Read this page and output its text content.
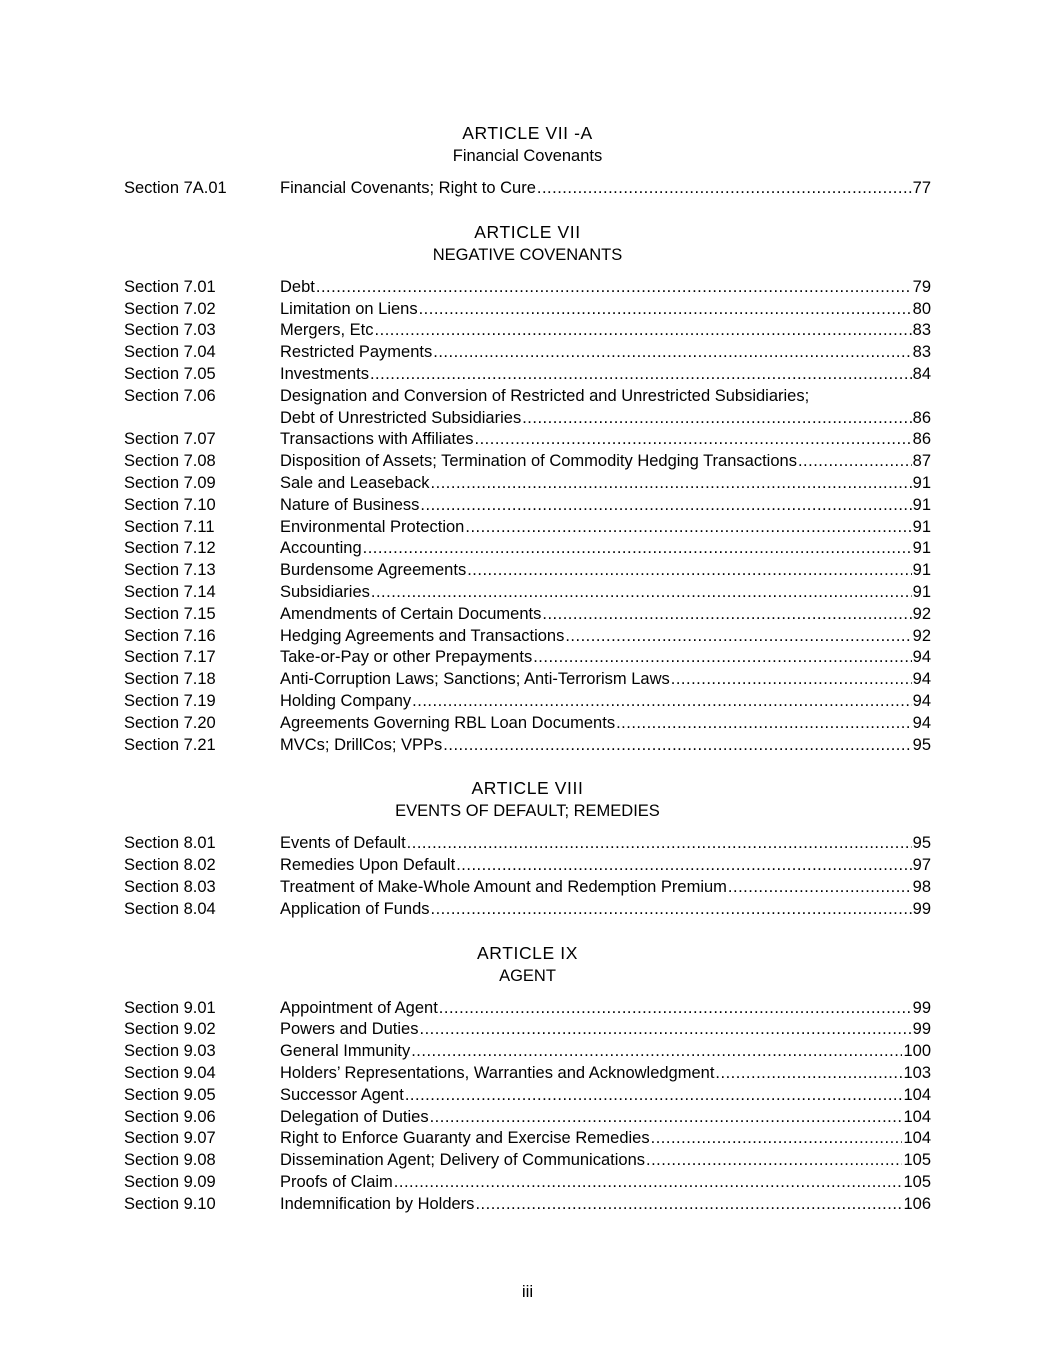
ARTICLE VII -A
Financial Covenants
Section 7A.01	Financial Covenants; Right to Cure .....	77
ARTICLE VII
NEGATIVE COVENANTS
Section 7.01	Debt .....	79
Section 7.02	Limitation on Liens .....	80
Section 7.03	Mergers, Etc .....	83
Section 7.04	Restricted Payments .....	83
Section 7.05	Investments .....	84
Section 7.06	Designation and Conversion of Restricted and Unrestricted Subsidiaries;
Debt of Unrestricted Subsidiaries .....	86
Section 7.07	Transactions with Affiliates .....	86
Section 7.08	Disposition of Assets; Termination of Commodity Hedging Transactions .....	87
Section 7.09	Sale and Leaseback .....	91
Section 7.10	Nature of Business .....	91
Section 7.11	Environmental Protection .....	91
Section 7.12	Accounting .....	91
Section 7.13	Burdensome Agreements .....	91
Section 7.14	Subsidiaries .....	91
Section 7.15	Amendments of Certain Documents .....	92
Section 7.16	Hedging Agreements and Transactions .....	92
Section 7.17	Take-or-Pay or other Prepayments .....	94
Section 7.18	Anti-Corruption Laws; Sanctions; Anti-Terrorism Laws .....	94
Section 7.19	Holding Company .....	94
Section 7.20	Agreements Governing RBL Loan Documents .....	94
Section 7.21	MVCs; DrillCos; VPPs .....	95
ARTICLE VIII
EVENTS OF DEFAULT; REMEDIES
Section 8.01	Events of Default .....	95
Section 8.02	Remedies Upon Default .....	97
Section 8.03	Treatment of Make-Whole Amount and Redemption Premium .....	98
Section 8.04	Application of Funds .....	99
ARTICLE IX
AGENT
Section 9.01	Appointment of Agent .....	99
Section 9.02	Powers and Duties .....	99
Section 9.03	General Immunity .....	100
Section 9.04	Holders’ Representations, Warranties and Acknowledgment .....	103
Section 9.05	Successor Agent .....	104
Section 9.06	Delegation of Duties .....	104
Section 9.07	Right to Enforce Guaranty and Exercise Remedies .....	104
Section 9.08	Dissemination Agent; Delivery of Communications .....	105
Section 9.09	Proofs of Claim .....	105
Section 9.10	Indemnification by Holders .....	106
iii
